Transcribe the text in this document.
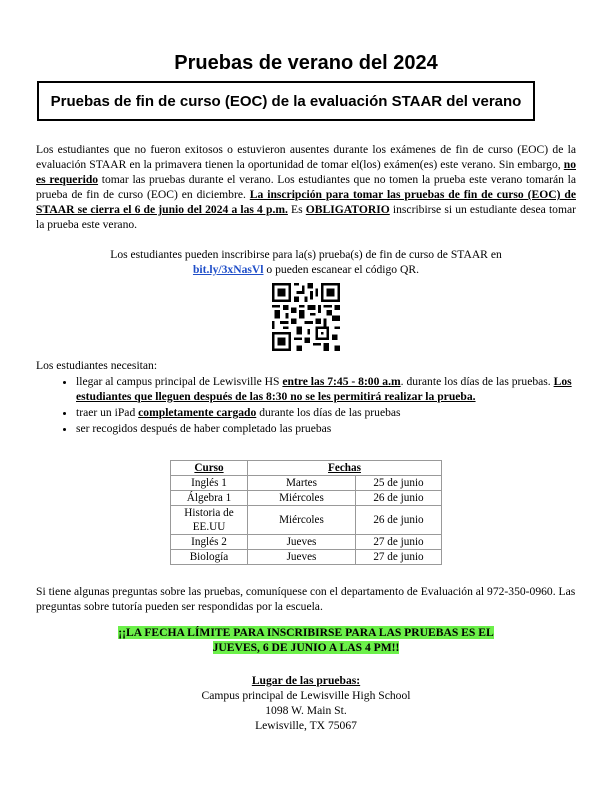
Pruebas de verano del 2024
Pruebas de fin de curso (EOC) de la evaluación STAAR del verano
Los estudiantes que no fueron exitosos o estuvieron ausentes durante los exámenes de fin de curso (EOC) de la evaluación STAAR en la primavera tienen la oportunidad de tomar el(los) exámen(es) este verano. Sin embargo, no es requerido tomar las pruebas durante el verano. Los estudiantes que no tomen la prueba este verano tomarán la prueba de fin de curso (EOC) en diciembre. La inscripción para tomar las pruebas de fin de curso (EOC) de STAAR se cierra el 6 de junio del 2024 a las 4 p.m. Es OBLIGATORIO inscribirse si un estudiante desea tomar la prueba este verano.
Los estudiantes pueden inscribirse para la(s) prueba(s) de fin de curso de STAAR en
bit.ly/3xNasVl o pueden escanear el código QR.
Los estudiantes necesitan:
• llegar al campus principal de Lewisville HS entre las 7:45 - 8:00 a.m. durante los días de las pruebas. Los estudiantes que lleguen después de las 8:30 no se les permitirá realizar la prueba.
• traer un iPad completamente cargado durante los días de las pruebas
• ser recogidos después de haber completado las pruebas
Curso	Fechas	
Inglés 1	Martes	25 de junio
Álgebra 1	Miércoles	26 de junio
Historia de EE.UU	Miércoles	26 de junio
Inglés 2	Jueves	27 de junio
Biología	Jueves	27 de junio
Si tiene algunas preguntas sobre las pruebas, comuníquese con el departamento de Evaluación al 972-350-0960. Las preguntas sobre tutoría pueden ser respondidas por la escuela.
¡¡LA FECHA LÍMITE PARA INSCRIBIRSE PARA LAS PRUEBAS ES EL
JUEVES, 6 DE JUNIO A LAS 4 PM!!
Lugar de las pruebas:
Campus principal de Lewisville High School
1098 W. Main St.
Lewisville, TX 75067
